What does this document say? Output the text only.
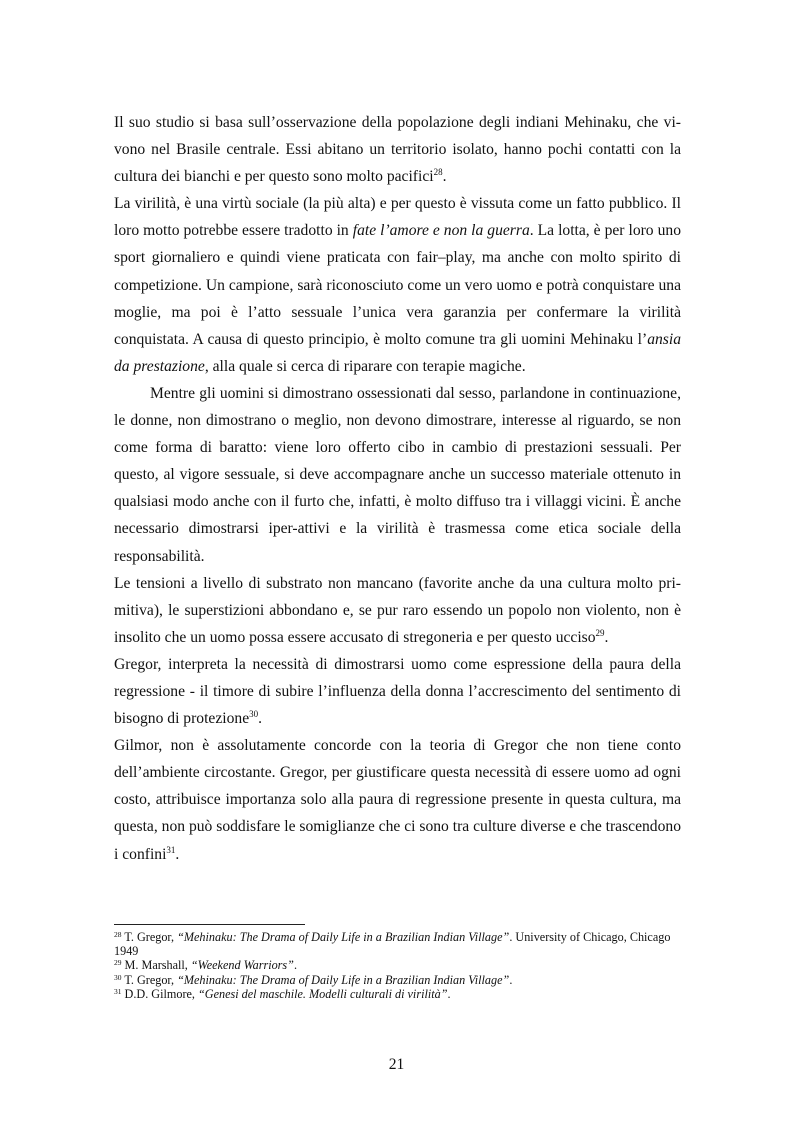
Il suo studio si basa sull’osservazione della popolazione degli indiani Mehinaku, che vivono nel Brasile centrale. Essi abitano un territorio isolato, hanno pochi contatti con la cultura dei bianchi e per questo sono molto pacifici$^{28}$.

La virilità, è una virtù sociale (la più alta) e per questo è vissuta come un fatto pubblico. Il loro motto potrebbe essere tradotto in fate l’amore e non la guerra. La lotta, è per loro uno sport giornaliero e quindi viene praticata con fair–play, ma anche con molto spirito di competizione. Un campione, sarà riconosciuto come un vero uomo e potrà conquistare una moglie, ma poi è l’atto sessuale l’unica vera garanzia per confermare la virilità conquistata. A causa di questo principio, è molto comune tra gli uomini Mehinaku l’ansia da prestazione, alla quale si cerca di riparare con terapie magiche.

Mentre gli uomini si dimostrano ossessionati dal sesso, parlandone in continuazione, le donne, non dimostrano o meglio, non devono dimostrare, interesse al riguardo, se non come forma di baratto: viene loro offerto cibo in cambio di prestazioni sessuali. Per questo, al vigore sessuale, si deve accompagnare anche un successo materiale ottenuto in qualsiasi modo anche con il furto che, infatti, è molto diffuso tra i villaggi vicini. È anche necessario dimostrarsi iper-attivi e la virilità è trasmessa come etica sociale della responsabilità.

Le tensioni a livello di substrato non mancano (favorite anche da una cultura molto primitiva), le superstizioni abbondano e, se pur raro essendo un popolo non violento, non è insolito che un uomo possa essere accusato di stregoneria e per questo ucciso$^{29}$.

Gregor, interpreta la necessità di dimostrarsi uomo come espressione della paura della regressione - il timore di subire l’influenza della donna l’accrescimento del sentimento di bisogno di protezione$^{30}$.

Gilmor, non è assolutamente concorde con la teoria di Gregor che non tiene conto dell’ambiente circostante. Gregor, per giustificare questa necessità di essere uomo ad ogni costo, attribuisce importanza solo alla paura di regressione presente in questa cultura, ma questa, non può soddisfare le somiglianze che ci sono tra culture diverse e che trascendono i confini$^{31}$.

$^{28}$ T. Gregor, “Mehinaku: The Drama of Daily Life in a Brazilian Indian Village”. University of Chicago, Chicago 1949

$^{29}$ M. Marshall, “Weekend Warriors”.

$^{30}$ T. Gregor, “Mehinaku: The Drama of Daily Life in a Brazilian Indian Village”.

$^{31}$ D.D. Gilmore, “Genesi del maschile. Modelli culturali di virilità”.

21
